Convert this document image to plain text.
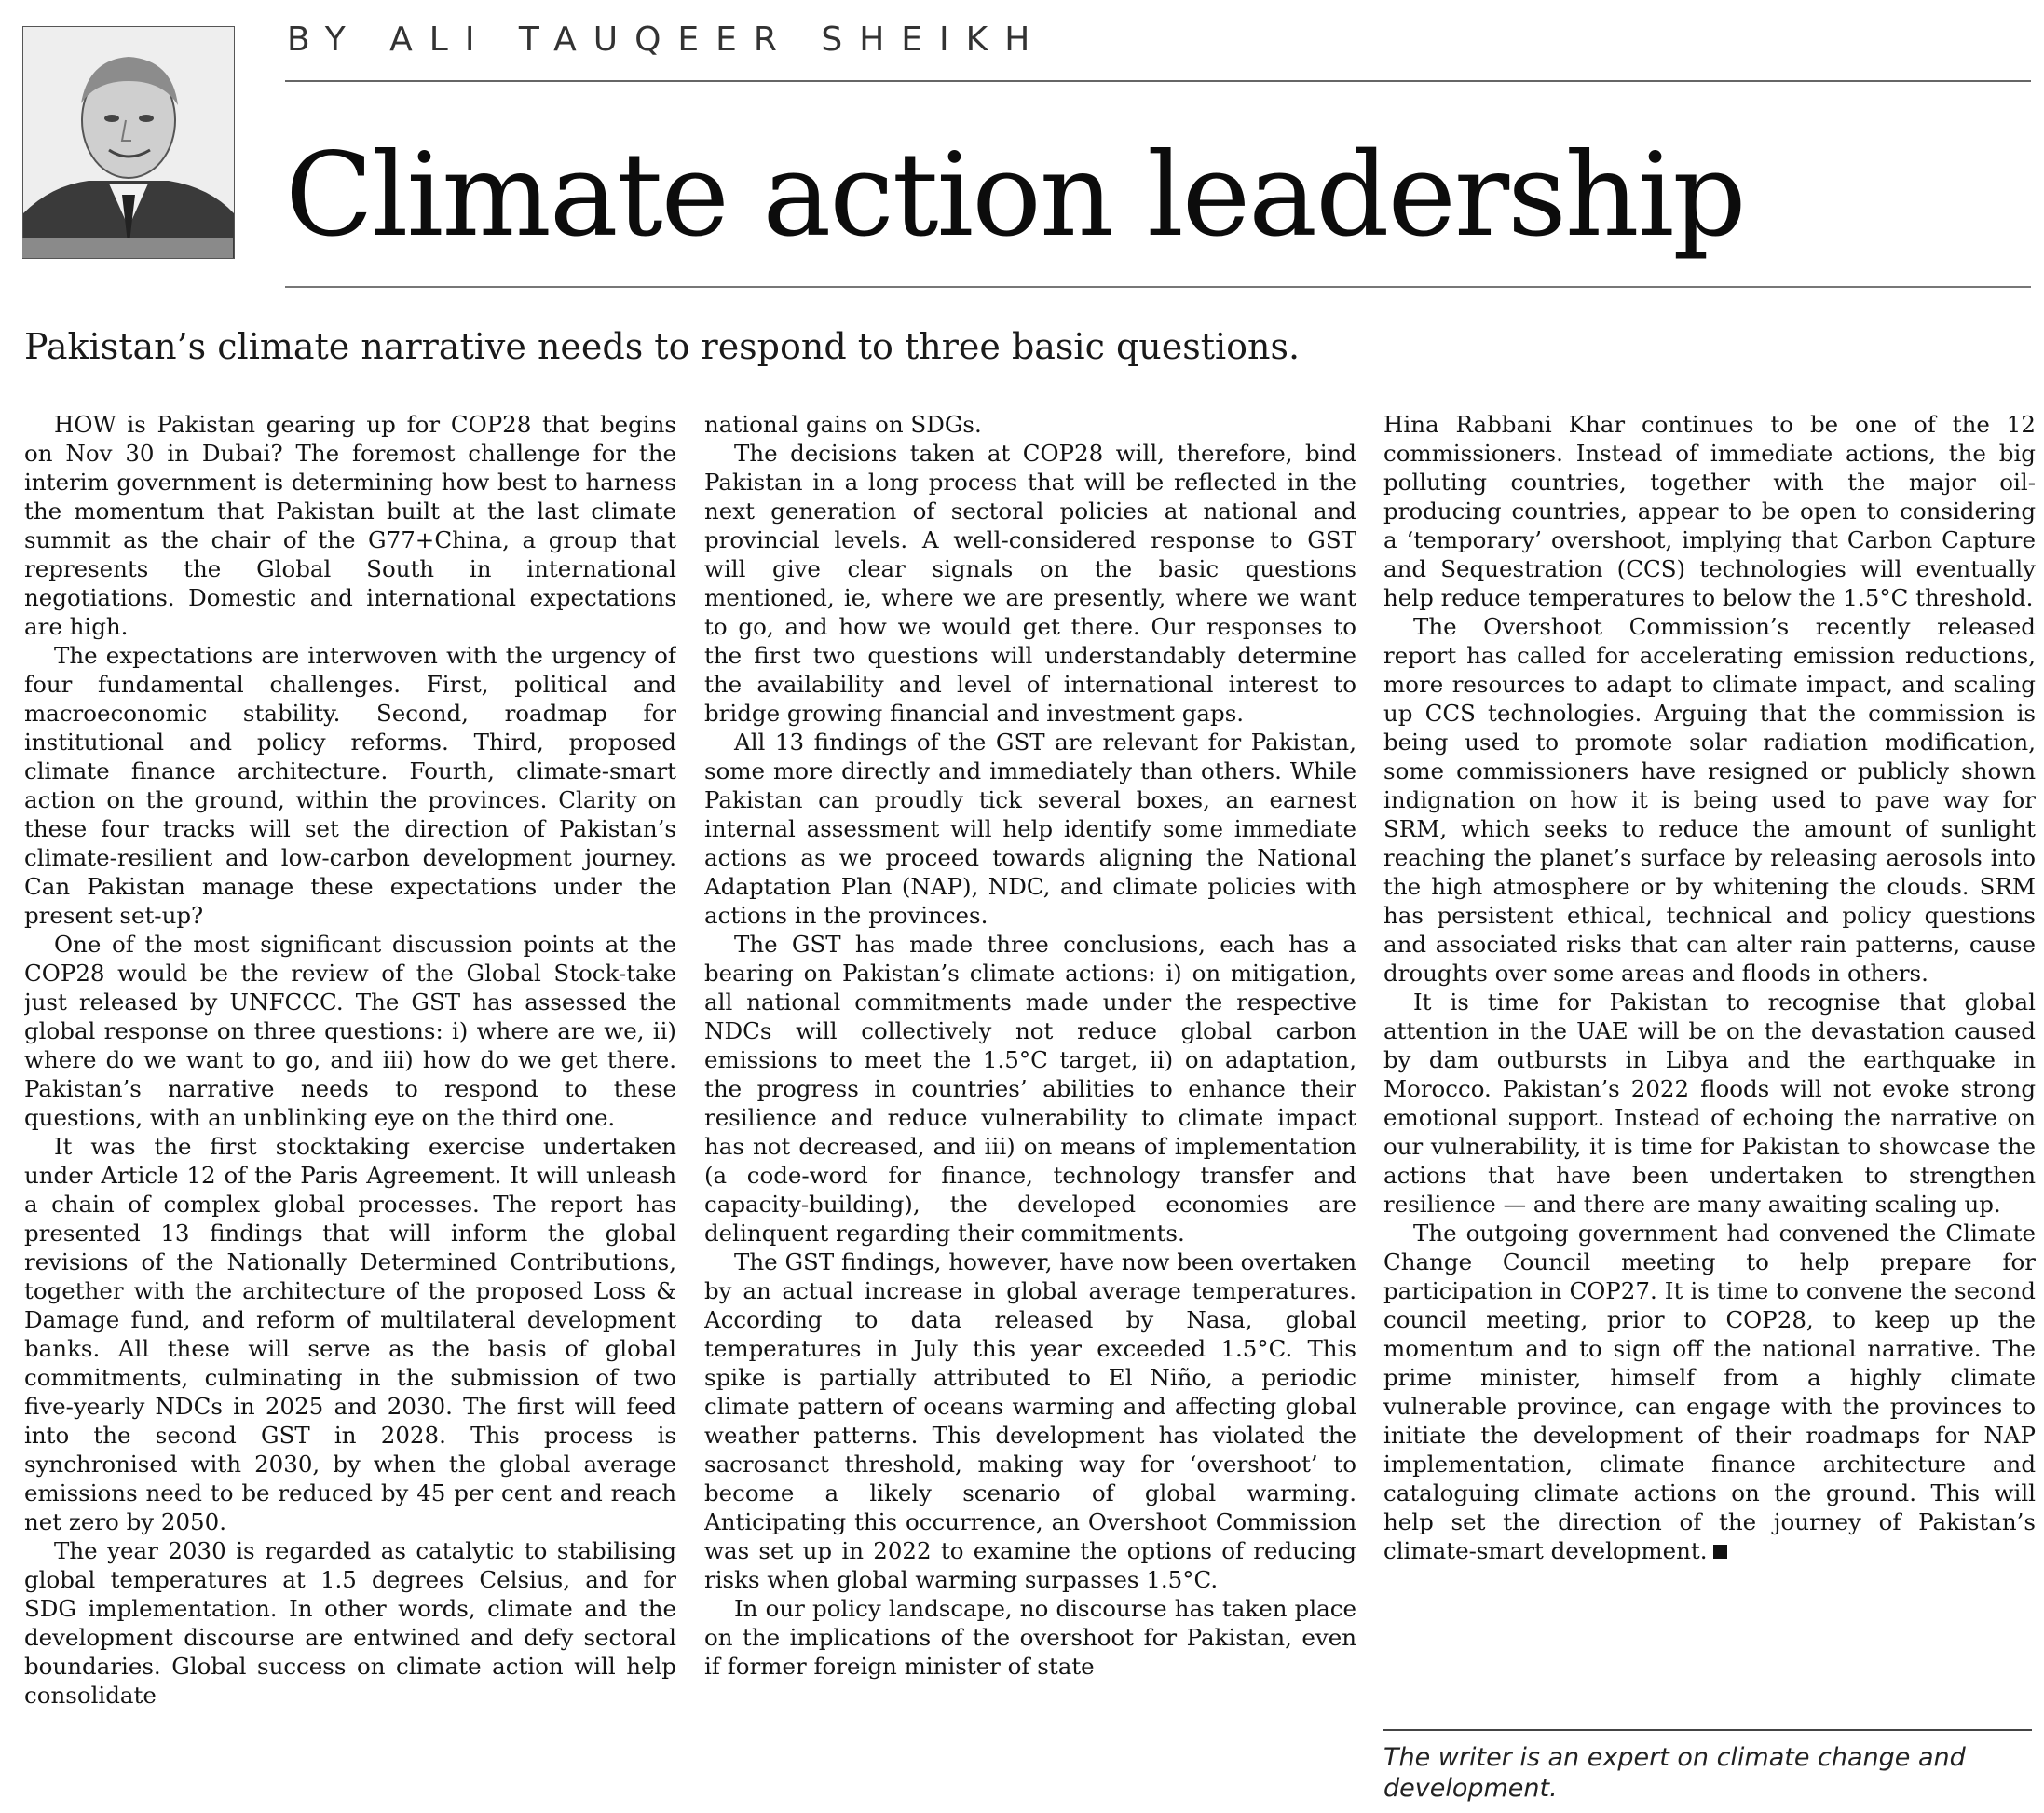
BY ALI TAUQEER SHEIKH
Climate action leadership
Pakistan’s climate narrative needs to respond to three basic questions.

HOW is Pakistan gearing up for COP28 that begins on Nov 30 in Dubai? The foremost challenge for the interim government is determining how best to harness the momentum that Pakistan built at the last climate summit as the chair of the G77+China, a group that represents the Global South in international negotiations. Domestic and international expectations are high.

The expectations are interwoven with the urgency of four fundamental challenges. First, political and macroeconomic stability. Second, roadmap for institutional and policy reforms. Third, proposed climate finance architecture. Fourth, climate-smart action on the ground, within the provinces. Clarity on these four tracks will set the direction of Pakistan’s climate-resilient and low-carbon development journey. Can Pakistan manage these expectations under the present set-up?

One of the most significant discussion points at the COP28 would be the review of the Global Stock-take just released by UNFCCC. The GST has assessed the global response on three questions: i) where are we, ii) where do we want to go, and iii) how do we get there. Pakistan’s narrative needs to respond to these questions, with an unblinking eye on the third one.

It was the first stocktaking exercise undertaken under Article 12 of the Paris Agreement. It will unleash a chain of complex global processes. The report has presented 13 findings that will inform the global revisions of the Nationally Determined Contributions, together with the architecture of the proposed Loss & Damage fund, and reform of multilateral development banks. All these will serve as the basis of global commitments, culminating in the submission of two five-yearly NDCs in 2025 and 2030. The first will feed into the second GST in 2028. This process is synchronised with 2030, by when the global average emissions need to be reduced by 45 per cent and reach net zero by 2050.

The year 2030 is regarded as catalytic to stabilising global temperatures at 1.5 degrees Celsius, and for SDG implementation. In other words, climate and the development discourse are entwined and defy sectoral boundaries. Global success on climate action will help consolidate

national gains on SDGs.

The decisions taken at COP28 will, therefore, bind Pakistan in a long process that will be reflected in the next generation of sectoral policies at national and provincial levels. A well-considered response to GST will give clear signals on the basic questions mentioned, ie, where we are presently, where we want to go, and how we would get there. Our responses to the first two questions will understandably determine the availability and level of international interest to bridge growing financial and investment gaps.

All 13 findings of the GST are relevant for Pakistan, some more directly and immediately than others. While Pakistan can proudly tick several boxes, an earnest internal assessment will help identify some immediate actions as we proceed towards aligning the National Adaptation Plan (NAP), NDC, and climate policies with actions in the provinces.

The GST has made three conclusions, each has a bearing on Pakistan’s climate actions: i) on mitigation, all national commitments made under the respective NDCs will collectively not reduce global carbon emissions to meet the 1.5°C target, ii) on adaptation, the progress in countries’ abilities to enhance their resilience and reduce vulnerability to climate impact has not decreased, and iii) on means of implementation (a code-word for finance, technology transfer and capacity-building), the developed economies are delinquent regarding their commitments.

The GST findings, however, have now been overtaken by an actual increase in global average temperatures. According to data released by Nasa, global temperatures in July this year exceeded 1.5°C. This spike is partially attributed to El Niño, a periodic climate pattern of oceans warming and affecting global weather patterns. This development has violated the sacrosanct threshold, making way for ‘overshoot’ to become a likely scenario of global warming. Anticipating this occurrence, an Overshoot Commission was set up in 2022 to examine the options of reducing risks when global warming surpasses 1.5°C.

In our policy landscape, no discourse has taken place on the implications of the overshoot for Pakistan, even if former foreign minister of state

Hina Rabbani Khar continues to be one of the 12 commissioners. Instead of immediate actions, the big polluting countries, together with the major oil-producing countries, appear to be open to considering a ‘temporary’ overshoot, implying that Carbon Capture and Sequestration (CCS) technologies will eventually help reduce temperatures to below the 1.5°C threshold.

The Overshoot Commission’s recently released report has called for accelerating emission reductions, more resources to adapt to climate impact, and scaling up CCS technologies. Arguing that the commission is being used to promote solar radiation modification, some commissioners have resigned or publicly shown indignation on how it is being used to pave way for SRM, which seeks to reduce the amount of sunlight reaching the planet’s surface by releasing aerosols into the high atmosphere or by whitening the clouds. SRM has persistent ethical, technical and policy questions and associated risks that can alter rain patterns, cause droughts over some areas and floods in others.

It is time for Pakistan to recognise that global attention in the UAE will be on the devastation caused by dam outbursts in Libya and the earthquake in Morocco. Pakistan’s 2022 floods will not evoke strong emotional support. Instead of echoing the narrative on our vulnerability, it is time for Pakistan to showcase the actions that have been undertaken to strengthen resilience — and there are many awaiting scaling up.

The outgoing government had convened the Climate Change Council meeting to help prepare for participation in COP27. It is time to convene the second council meeting, prior to COP28, to keep up the momentum and to sign off the national narrative. The prime minister, himself from a highly climate vulnerable province, can engage with the provinces to initiate the development of their roadmaps for NAP implementation, climate finance architecture and cataloguing climate actions on the ground. This will help set the direction of the journey of Pakistan’s climate-smart development.

The writer is an expert on climate change and development.
